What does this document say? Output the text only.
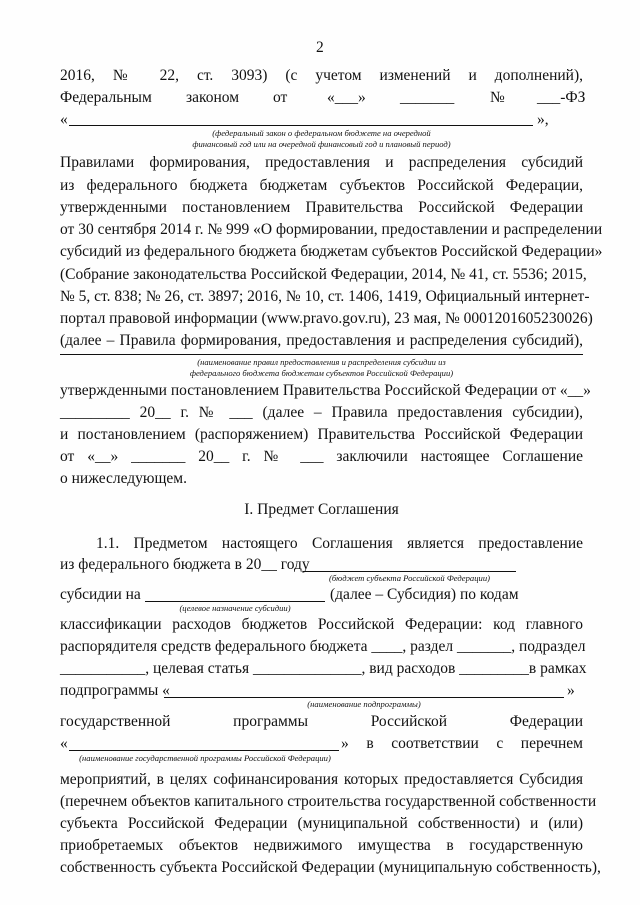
2
2016, № 22, ст. 3093) (с учетом изменений и дополнений),
Федеральным законом от	«___» _______ № ___-ФЗ
«	»,
(федеральный закон о федеральном бюджете на очередной
финансовый год или на очередной финансовый год и плановый период)
Правилами формирования, предоставления и распределения субсидий
из федерального бюджета бюджетам субъектов Российской Федерации,
утвержденными постановлением Правительства Российской Федерации
от 30 сентября 2014 г. № 999 «О формировании, предоставлении и распределении
субсидий из федерального бюджета бюджетам субъектов Российской Федерации»
(Собрание законодательства Российской Федерации, 2014, № 41, ст. 5536; 2015,
№ 5, ст. 838; № 26, ст. 3897; 2016, № 10, ст. 1406, 1419, Официальный интернет-
портал правовой информации (www.pravo.gov.ru), 23 мая, № 0001201605230026)
(далее – Правила формирования, предоставления и распределения субсидий),
(наименование правил предоставления и распределения субсидии из
федерального бюджета бюджетам субъектов Российской Федерации)
утвержденными постановлением Правительства Российской Федерации от «__»
_________ 20__ г. № ___ (далее – Правила предоставления субсидии),
и постановлением (распоряжением) Правительства Российской Федерации
от «__» _______ 20__ г. № ___ заключили настоящее Соглашение
о нижеследующем.
I. Предмет Соглашения
1.1. Предметом настоящего Соглашения является предоставление
из федерального бюджета в 20__ году
(бюджет субъекта Российской Федерации)
субсидии на	(далее – Субсидия) по кодам
(целевое назначение субсидии)
классификации расходов бюджетов Российской Федерации: код главного
распорядителя средств федерального бюджета ____, раздел _______, подраздел
___________, целевая статья ______________, вид расходов _________в рамках
подпрограммы «	»
(наименование подпрограммы)
государственной программы Российской Федерации
«	» в соответствии с перечнем
(наименование государственной программы Российской Федерации)
мероприятий, в целях софинансирования которых предоставляется Субсидия
(перечнем объектов капитального строительства государственной собственности
субъекта Российской Федерации (муниципальной собственности) и (или)
приобретаемых объектов недвижимого имущества в государственную
собственность субъекта Российской Федерации (муниципальную собственность),
